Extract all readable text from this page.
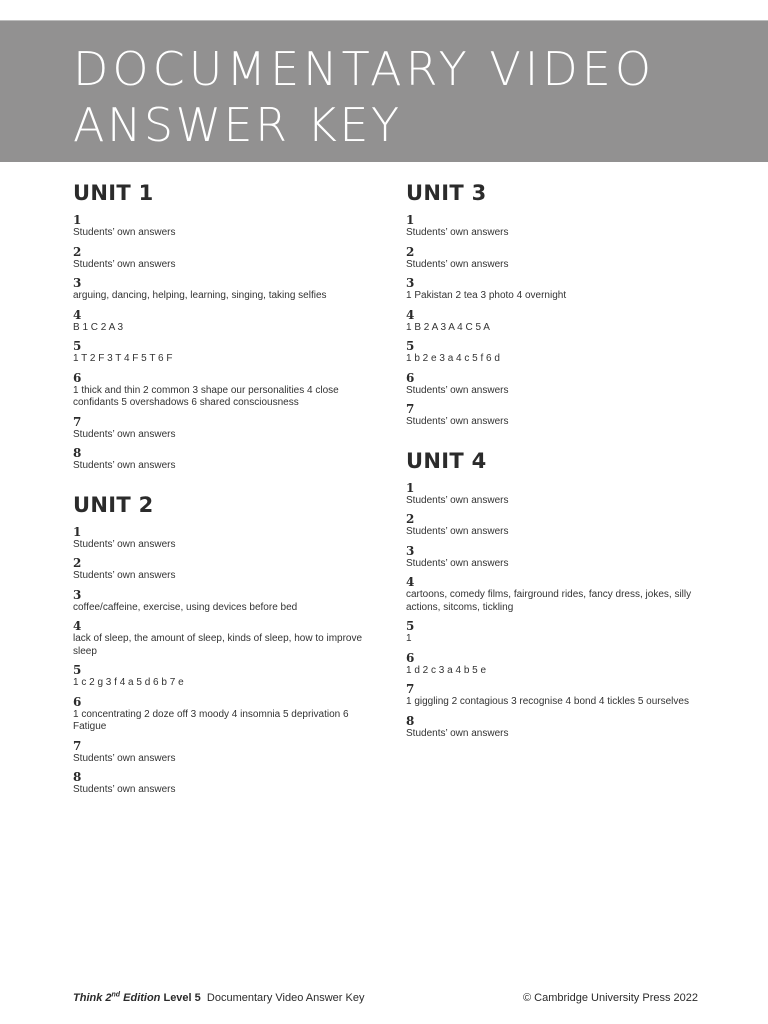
DOCUMENTARY VIDEO
ANSWER KEY
UNIT 1
1
Students’ own answers
2
Students’ own answers
3
arguing, dancing, helping, learning, singing, taking selfies
4
B 1 C 2 A 3
5
1 T 2 F 3 T 4 F 5 T 6 F
6
1 thick and thin 2 common 3 shape our personalities 4 close confidants 5 overshadows 6 shared consciousness
7
Students’ own answers
8
Students’ own answers
UNIT 2
1
Students’ own answers
2
Students’ own answers
3
coffee/caffeine, exercise, using devices before bed
4
lack of sleep, the amount of sleep, kinds of sleep, how to improve sleep
5
1 c 2 g 3 f 4 a 5 d 6 b 7 e
6
1 concentrating 2 doze off 3 moody 4 insomnia 5 deprivation 6 Fatigue
7
Students’ own answers
8
Students’ own answers
UNIT 3
1
Students’ own answers
2
Students’ own answers
3
1 Pakistan 2 tea 3 photo 4 overnight
4
1 B 2 A 3 A 4 C 5 A
5
1 b 2 e 3 a 4 c 5 f 6 d
6
Students’ own answers
7
Students’ own answers
UNIT 4
1
Students’ own answers
2
Students’ own answers
3
Students’ own answers
4
cartoons, comedy films, fairground rides, fancy dress, jokes, silly actions, sitcoms, tickling
5
1
6
1 d 2 c 3 a 4 b 5 e
7
1 giggling 2 contagious 3 recognise 4 bond 4 tickles 5 ourselves
8
Students’ own answers
Think 2nd Edition Level 5 Documentary Video Answer Key	© Cambridge University Press 2022
